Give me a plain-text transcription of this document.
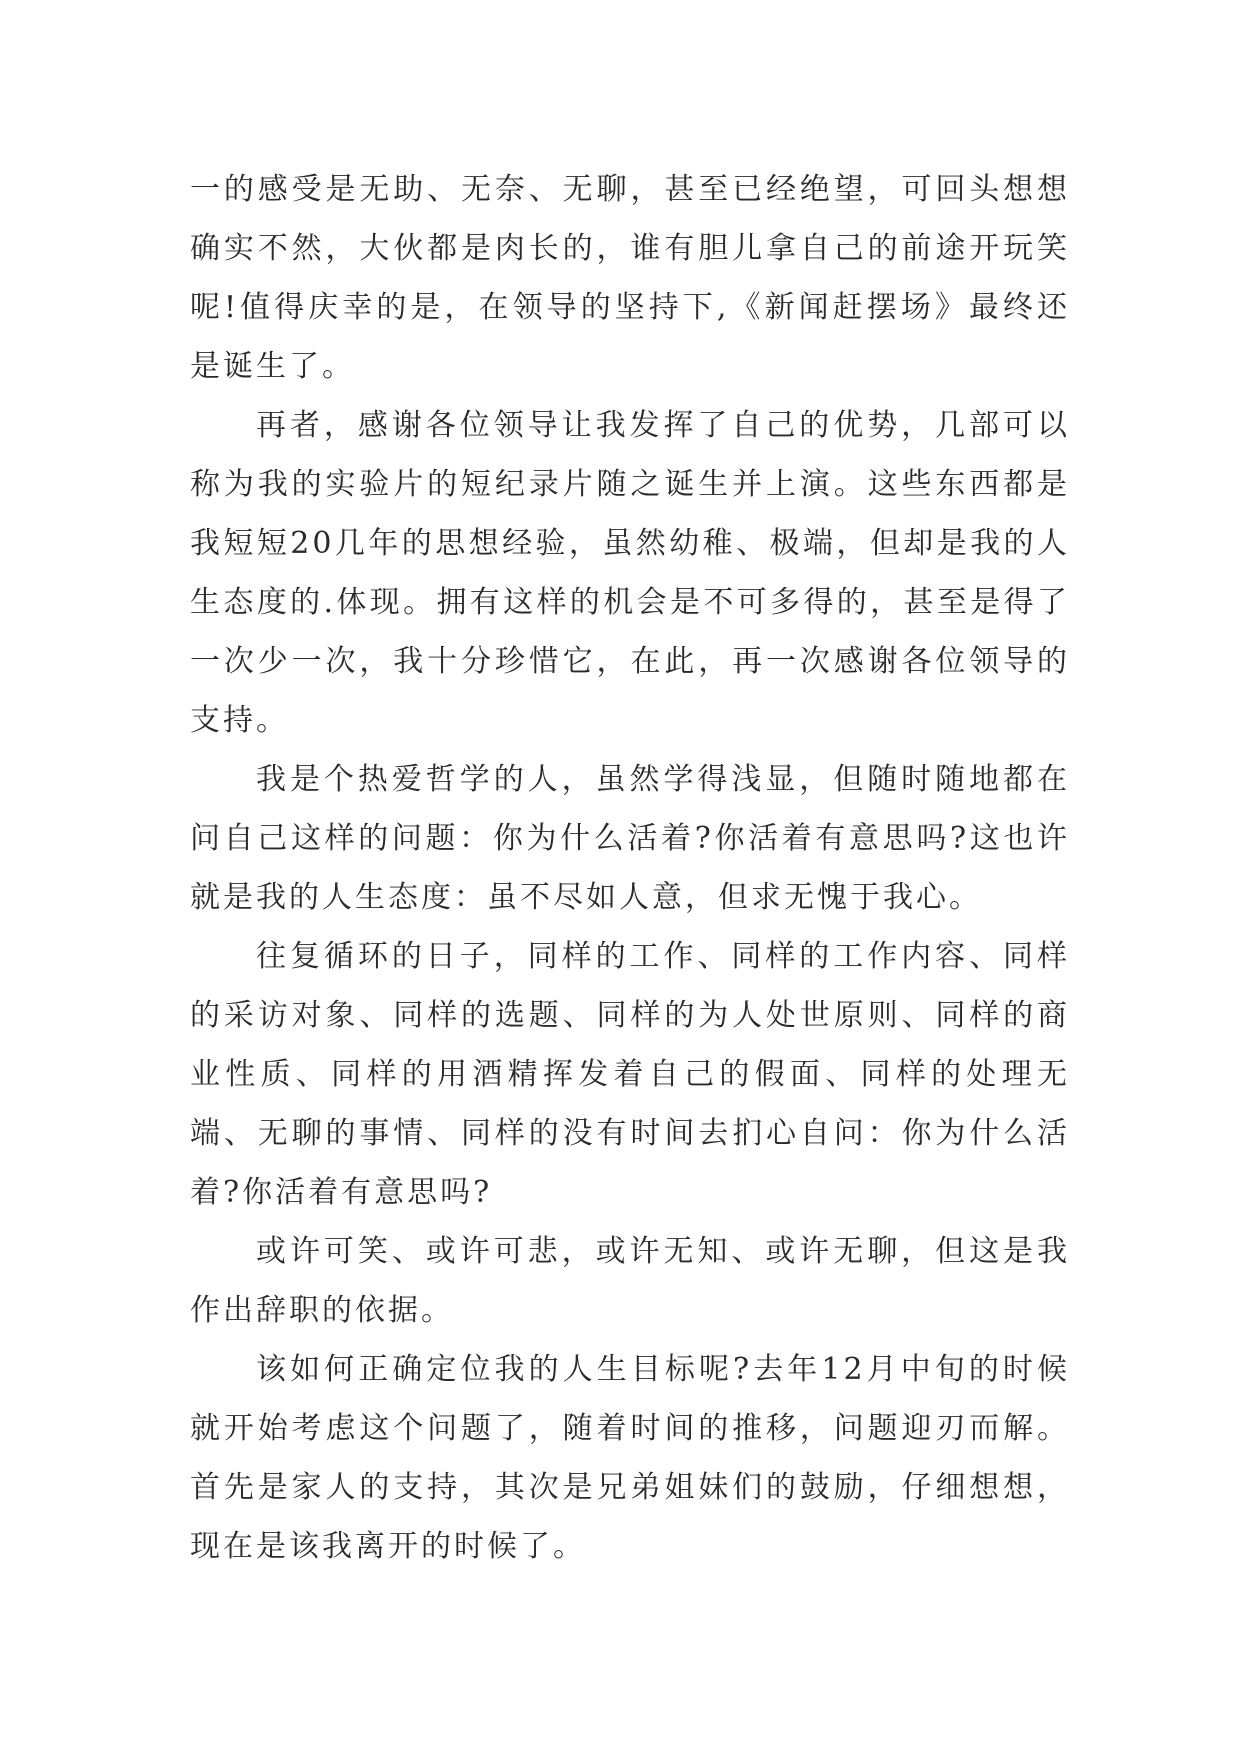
一的感受是无助、无奈、无聊，甚至已经绝望，可回头想想确实不然，大伙都是肉长的，谁有胆儿拿自己的前途开玩笑呢!值得庆幸的是，在领导的坚持下,《新闻赶摆场》最终还是诞生了。

再者，感谢各位领导让我发挥了自己的优势，几部可以称为我的实验片的短纪录片随之诞生并上演。这些东西都是我短短20几年的思想经验，虽然幼稚、极端，但却是我的人生态度的.体现。拥有这样的机会是不可多得的，甚至是得了一次少一次，我十分珍惜它，在此，再一次感谢各位领导的支持。

我是个热爱哲学的人，虽然学得浅显，但随时随地都在问自己这样的问题：你为什么活着?你活着有意思吗?这也许就是我的人生态度：虽不尽如人意，但求无愧于我心。

往复循环的日子，同样的工作、同样的工作内容、同样的采访对象、同样的选题、同样的为人处世原则、同样的商业性质、同样的用酒精挥发着自己的假面、同样的处理无端、无聊的事情、同样的没有时间去扪心自问：你为什么活着?你活着有意思吗?

或许可笑、或许可悲，或许无知、或许无聊，但这是我作出辞职的依据。

该如何正确定位我的人生目标呢?去年12月中旬的时候就开始考虑这个问题了，随着时间的推移，问题迎刃而解。首先是家人的支持，其次是兄弟姐妹们的鼓励，仔细想想，现在是该我离开的时候了。
